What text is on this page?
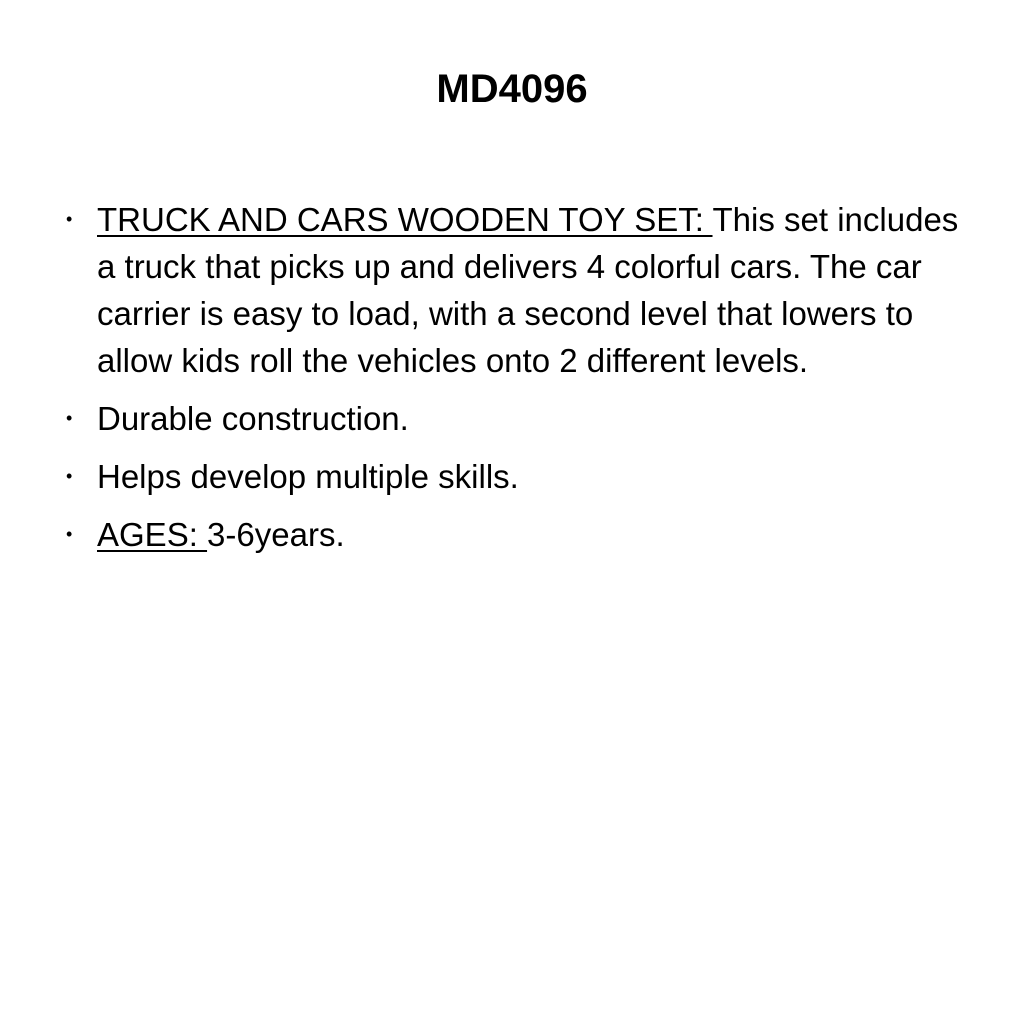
MD4096
• TRUCK AND CARS WOODEN TOY SET: This set includes a truck that picks up and delivers 4 colorful cars. The car carrier is easy to load, with a second level that lowers to allow kids roll the vehicles onto 2 different levels.
• Durable construction.
• Helps develop multiple skills.
• AGES: 3-6years.
